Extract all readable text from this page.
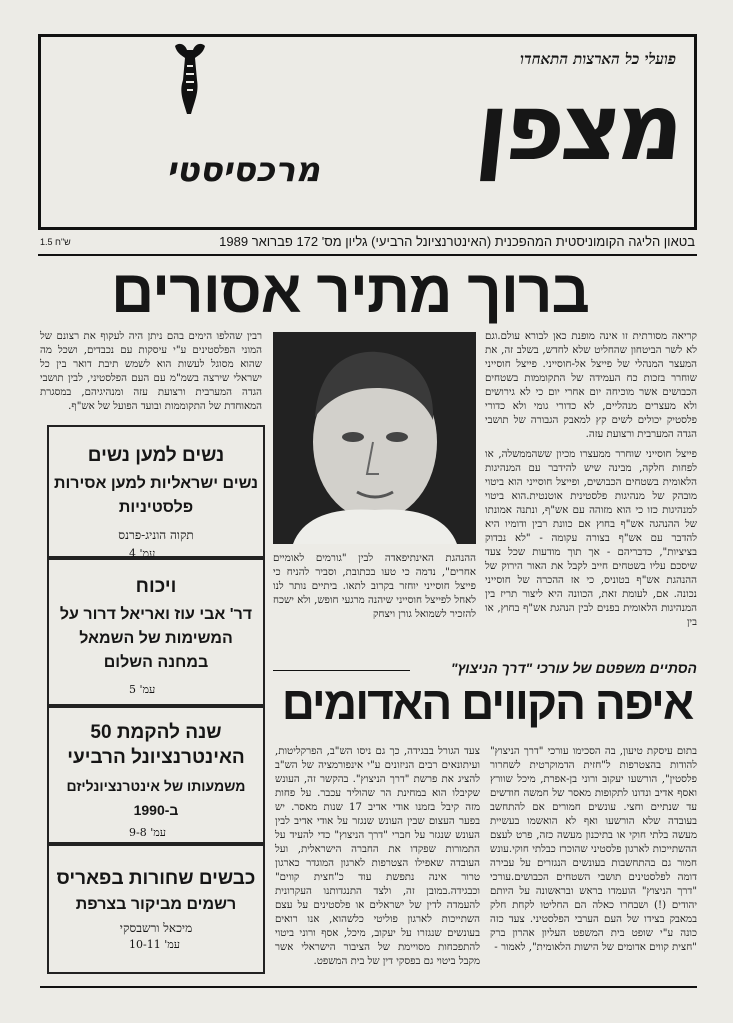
פועלי כל הארצות התאחדו
מצפן
מרכסיסטי
בטאון הליגה הקומוניסטית המהפכנית (האינטרנציונל הרביעי) גליון מס' 172 פברואר 1989
1.5 ש"ח
ברוך מתיר אסורים

קריאה מסורתית זו אינה מופנת כאן לבורא עולם.וגם לא לשר הביטחון שהחליט שלא לחדש, בשלב זה, את המעצר המנהלי של פייצל אל-חוסייני. פייצל חוסייני שוחרר בזכות כח העמידה של התקוממות בשטחים הכבושים אשר מוכיחה יום אחרי יום כי לא גירושים ולא מעצרים מנהליים, לא כדורי גומי ולא כדורי פלסטיק יכולים לשים קץ למאבק הגבורה של תושבי הגדה המערבית ורצועת עזה.

פייצל חוסייני שוחרר ממעצרו מכיון ששהממשלה, או לפחות חלקה, מבינה שיש להידבר עם המנהיגות הלאומית בשטחים הכבושים, ופייצל חוסייני הוא ביטוי מובהק של מנהיגות פלסטינית אוטנטית.הוא ביטוי למנהיגות כזו כי הוא מזוהה עם אש"ף, ונתנה אמונתו של ההנהגה אש"ף בחוץ אם כוונת רבין ודומיו היא להדבר עם אש"ף בצורה עקומה - "לא נבדוק בציציות", כדבריהם - אך תוך מודעות שכל צעד שיסכם עליו בשטחים חייב לקבל את האור הירוק של ההנהגת אש"ף בטוניס, כי אז ההכרה של חוסייני נכונה. אם, לעומת זאת, הכוונה היא ליצור תריז בין המנהיגות הלאומית בפנים לבין הנהגת אש"ף בחוץ, או בין

רבין שהלפו הימים בהם ניתן היה לעקוף את רצונם של המוני הפלסטינים ע"י עיסקות עם נכבדים, ושכל מה שהוא מסוגל לעשות הוא לשמש תיבת דואר בין כל ישראלי שירצה בשמ"מ עם העם הפלסטיני, לבין תושבי הגדה המערבית ורצועת עזה ומנהיגיהם, במסגרת המאוחדת של התקוממות ובועד הפועל של אש"ף.
ההנהגת האינתיפאדה לבין "גורמים לאומיים אחרים", נדמה כי טעו בכתובת, וסביר להניח כי פייצל חוסייני יוחזר בקרוב לתאו. ביתיים נותר לנו לאחל לפייצל חוסייני שיהנה מרגעי חופש, ולא ישכח להזכיר לשמואל גורן ויצחק
נשים למען נשים
נשים ישראליות למען אסירות פלסטיניות
תקוה הוניג-פרנס
עמ' 4
ויכוח
דר' אבי עוז ואריאל דרור על המשימות של השמאל במחנה השלום
עמ' 5
50 שנה להקמת האינטרנציונל הרביעי
משמעותו של אינטרנציונליזם ב-1990
עמ' 9-8
כבשים שחורות בפאריס
רשמים מביקור בצרפת
מיכאל ורשבסקי
עמ' 10-11
הסתיים משפטם של עורכי "דרך הניצוץ"
איפה הקווים האדומים
בתום עיסקת טיעון, בה הסכימו עורכי "דרך הניצוץ" להודות בהצטרפות ל"חזית הדמוקרטית לשחרור פלסטין", הורשעו יעקוב ורוני בן-אפרת, מיכל שוורץ ואסף אדיב ונדונו לתקופות מאסר של חמשה חודשים עד שנתיים וחצי. עונשים חמורים אם להתחשב בעובדה שלא הורשעו ואף לא הואשמו בעשיית מעשה בלתי חוקי או בתיכנון מעשה כזה, פרט לעצם ההשתייכות לארגון פלסטיני שהוכרז כבלתי חוקי.עונש חמור גם בהתחשבות בעונשים הנגזרים על עבירה דומה לפלסטינים תושבי השטחים הכבושים.עורכי "דרך הניצוץ" הועמדו בראש ובראשונה על היותם יהודים (!) ושבחרו כאלה הם החליטו לקחת חלק במאבק בצידו של העם הערבי הפלסטיני. צעד כזה כונה ע"י שופט בית המשפט העליון אהרון ברק "חצית קווים אדומים של הישות הלאומית", לאמור -
צעד הגורל בבגידה, כך גם ניסו הש"ב, הפרקליטות, ועיתונאים רבים הניזונים ע"י אינפורמציה של הש"ב להציג את פרשת "דרך הניצוץ". בהקשר זה, העונש שקיבלו הוא במחינת הר שהוליד עכבר. על פחות מזה קיבל בזמנו אודי אדיב 17 שנות מאסר. יש בפער העצום שבין העונש שנגזר על אודי אדיב לבין העונש שנגזר על חברי "דרך הניצוץ" כדי להעיד על התמורות שפקדו את החברה הישראלית, ועל העובדה שאפילו הצטרפות לארגון המוגדר כארגון טרור אינה נתפשת עוד כ"חצית קווים" וכבגידה.במובן זה, ולצד התנגדותנו העקרונית להעמדה לדין של ישראלים או פלסטינים על עצם השתייכות לארגון פוליטי כלשהוא, אנו רואים בעונשים שנגזרו על יעקוב, מיכל, אסף ורוני ביטוי להתפכחות מסויימת של הציבור הישראלי אשר מקבל ביטוי גם בפסקי דין של בית המשפט.
